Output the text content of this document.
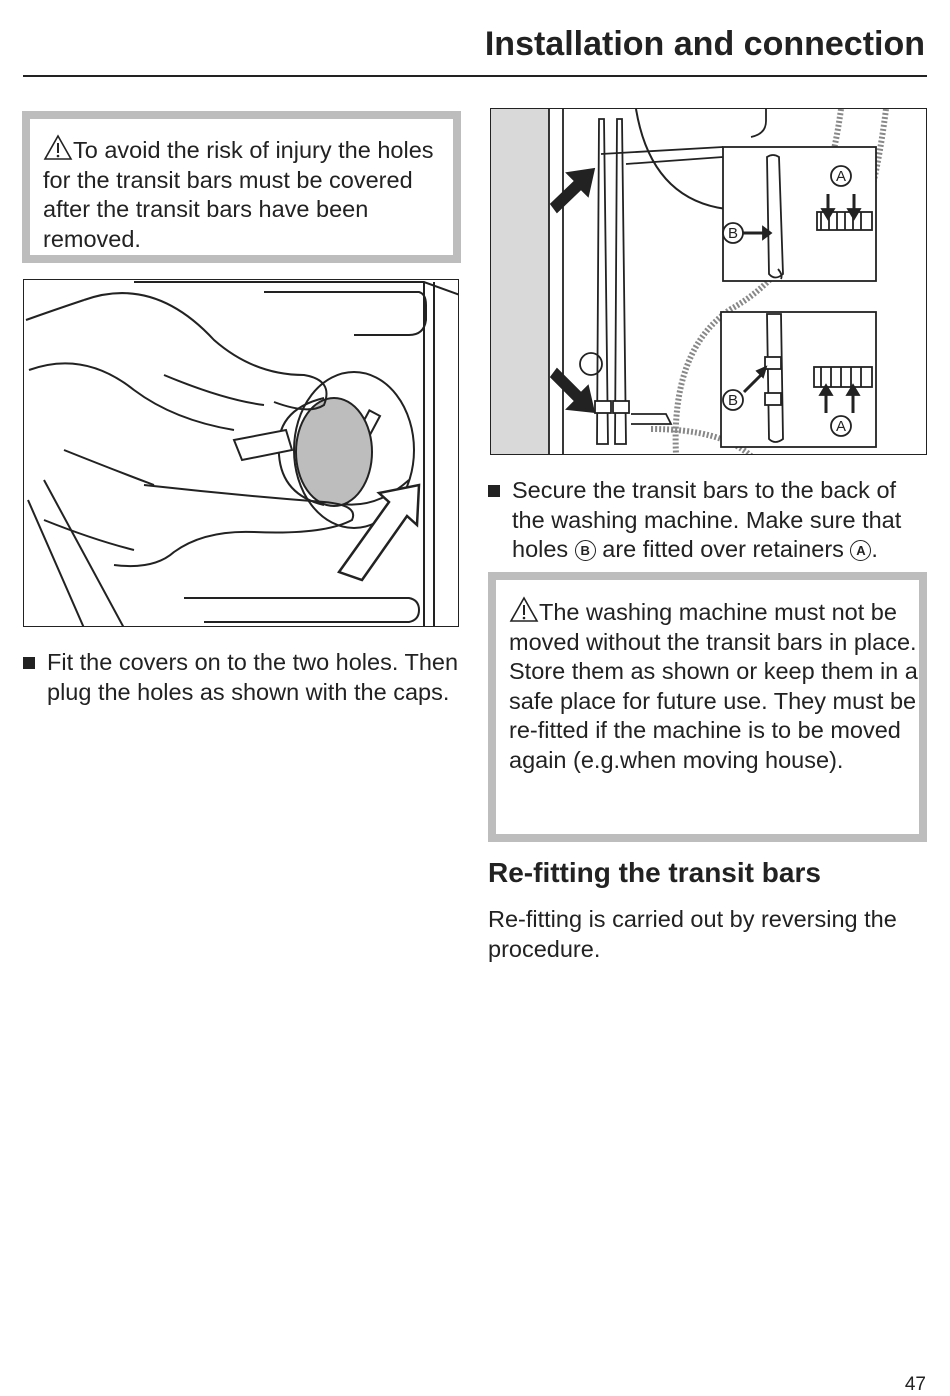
Installation and connection
To avoid the risk of injury the holes for the transit bars must be covered after the transit bars have been removed.
Fit the covers on to the two holes. Then plug the holes as shown with the caps.
A
B
B
A
Secure the transit bars to the back of the washing machine. Make sure that holes B are fitted over retainers A .
The washing machine must not be moved without the transit bars in place.
Store them as shown or keep them in a safe place for future use. They must be re-fitted if the machine is to be moved again (e.g.when moving house).
Re-fitting the transit bars
Re-fitting is carried out by reversing the procedure.
47
